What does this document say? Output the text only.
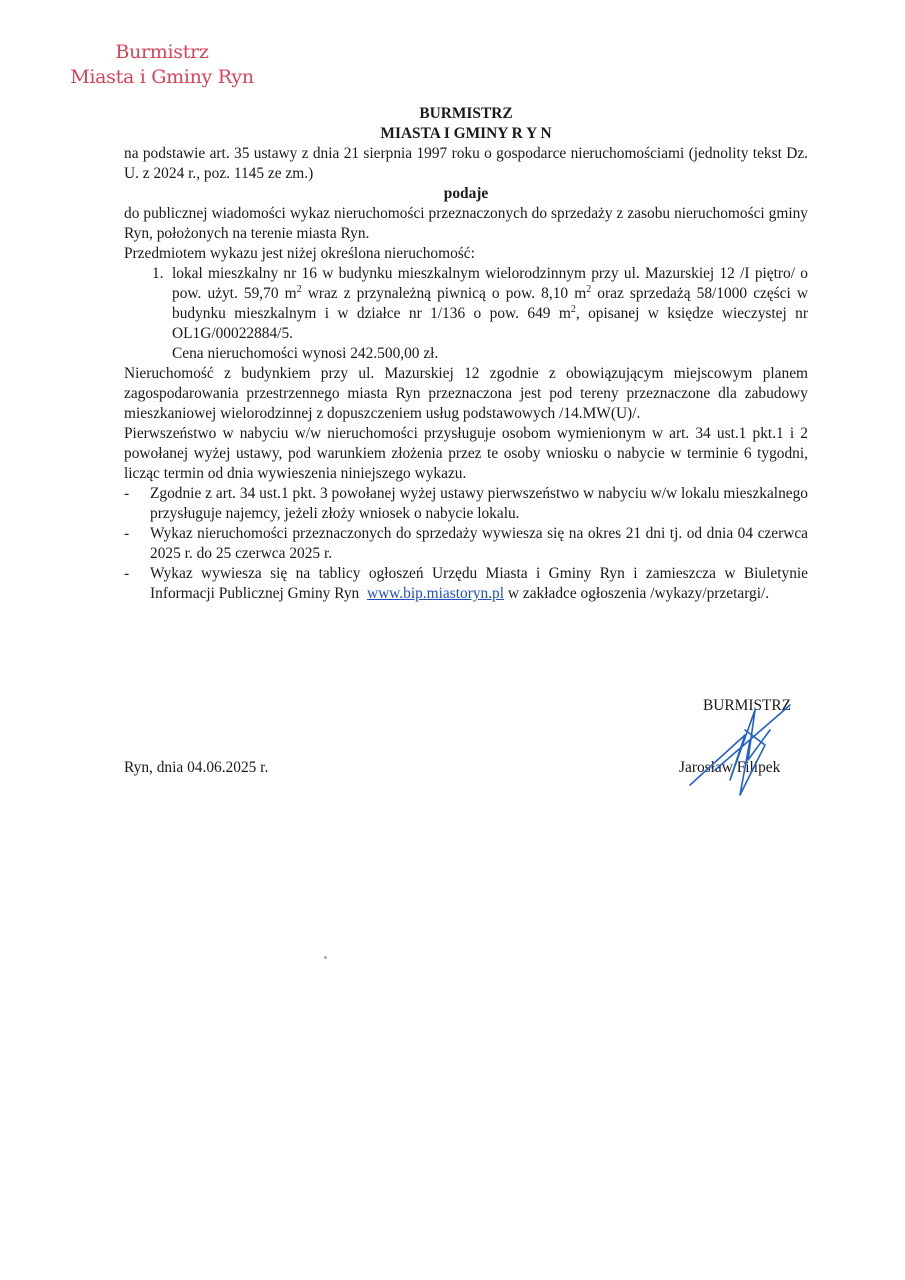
Burmistrz
Miasta i Gminy Ryn
BURMISTRZ
MIASTA I GMINY R Y N

na podstawie art. 35 ustawy z dnia 21 sierpnia 1997 roku o gospodarce nieruchomościami (jednolity tekst Dz. U. z 2024 r., poz. 1145 ze zm.)

podaje

do publicznej wiadomości wykaz nieruchomości przeznaczonych do sprzedaży z zasobu nieruchomości gminy Ryn, położonych na terenie miasta Ryn.

Przedmiotem wykazu jest niżej określona nieruchomość:

1. lokal mieszkalny nr 16 w budynku mieszkalnym wielorodzinnym przy ul. Mazurskiej 12 /I piętro/ o pow. użyt. 59,70 $m^2$ wraz z przynależną piwnicą o pow. 8,10 $m^2$ oraz sprzedażą 58/1000 części w budynku mieszkalnym i w działce nr 1/136 o pow. 649 $m^2$, opisanej w księdze wieczystej nr OL1G/00022884/5.
Cena nieruchomości wynosi 242.500,00 zł.

Nieruchomość z budynkiem przy ul. Mazurskiej 12 zgodnie z obowiązującym miejscowym planem zagospodarowania przestrzennego miasta Ryn przeznaczona jest pod tereny przeznaczone dla zabudowy mieszkaniowej wielorodzinnej z dopuszczeniem usług podstawowych /14.MW(U)/.

Pierwszeństwo w nabyciu w/w nieruchomości przysługuje osobom wymienionym w art. 34 ust.1 pkt.1 i 2 powołanej wyżej ustawy, pod warunkiem złożenia przez te osoby wniosku o nabycie w terminie 6 tygodni, licząc termin od dnia wywieszenia niniejszego wykazu.

-	Zgodnie z art. 34 ust.1 pkt. 3 powołanej wyżej ustawy pierwszeństwo w nabyciu w/w lokalu mieszkalnego przysługuje najemcy, jeżeli złoży wniosek o nabycie lokalu.
-	Wykaz nieruchomości przeznaczonych do sprzedaży wywiesza się na okres 21 dni tj. od dnia 04 czerwca 2025 r. do 25 czerwca 2025 r.
-	Wykaz wywiesza się na tablicy ogłoszeń Urzędu Miasta i Gminy Ryn i zamieszcza w Biuletynie Informacji Publicznej Gminy Ryn  www.bip.miastoryn.pl w zakładce ogłoszenia /wykazy/przetargi/.
BURMISTRZ
Ryn, dnia 04.06.2025 r.	Jarosław Filipek
